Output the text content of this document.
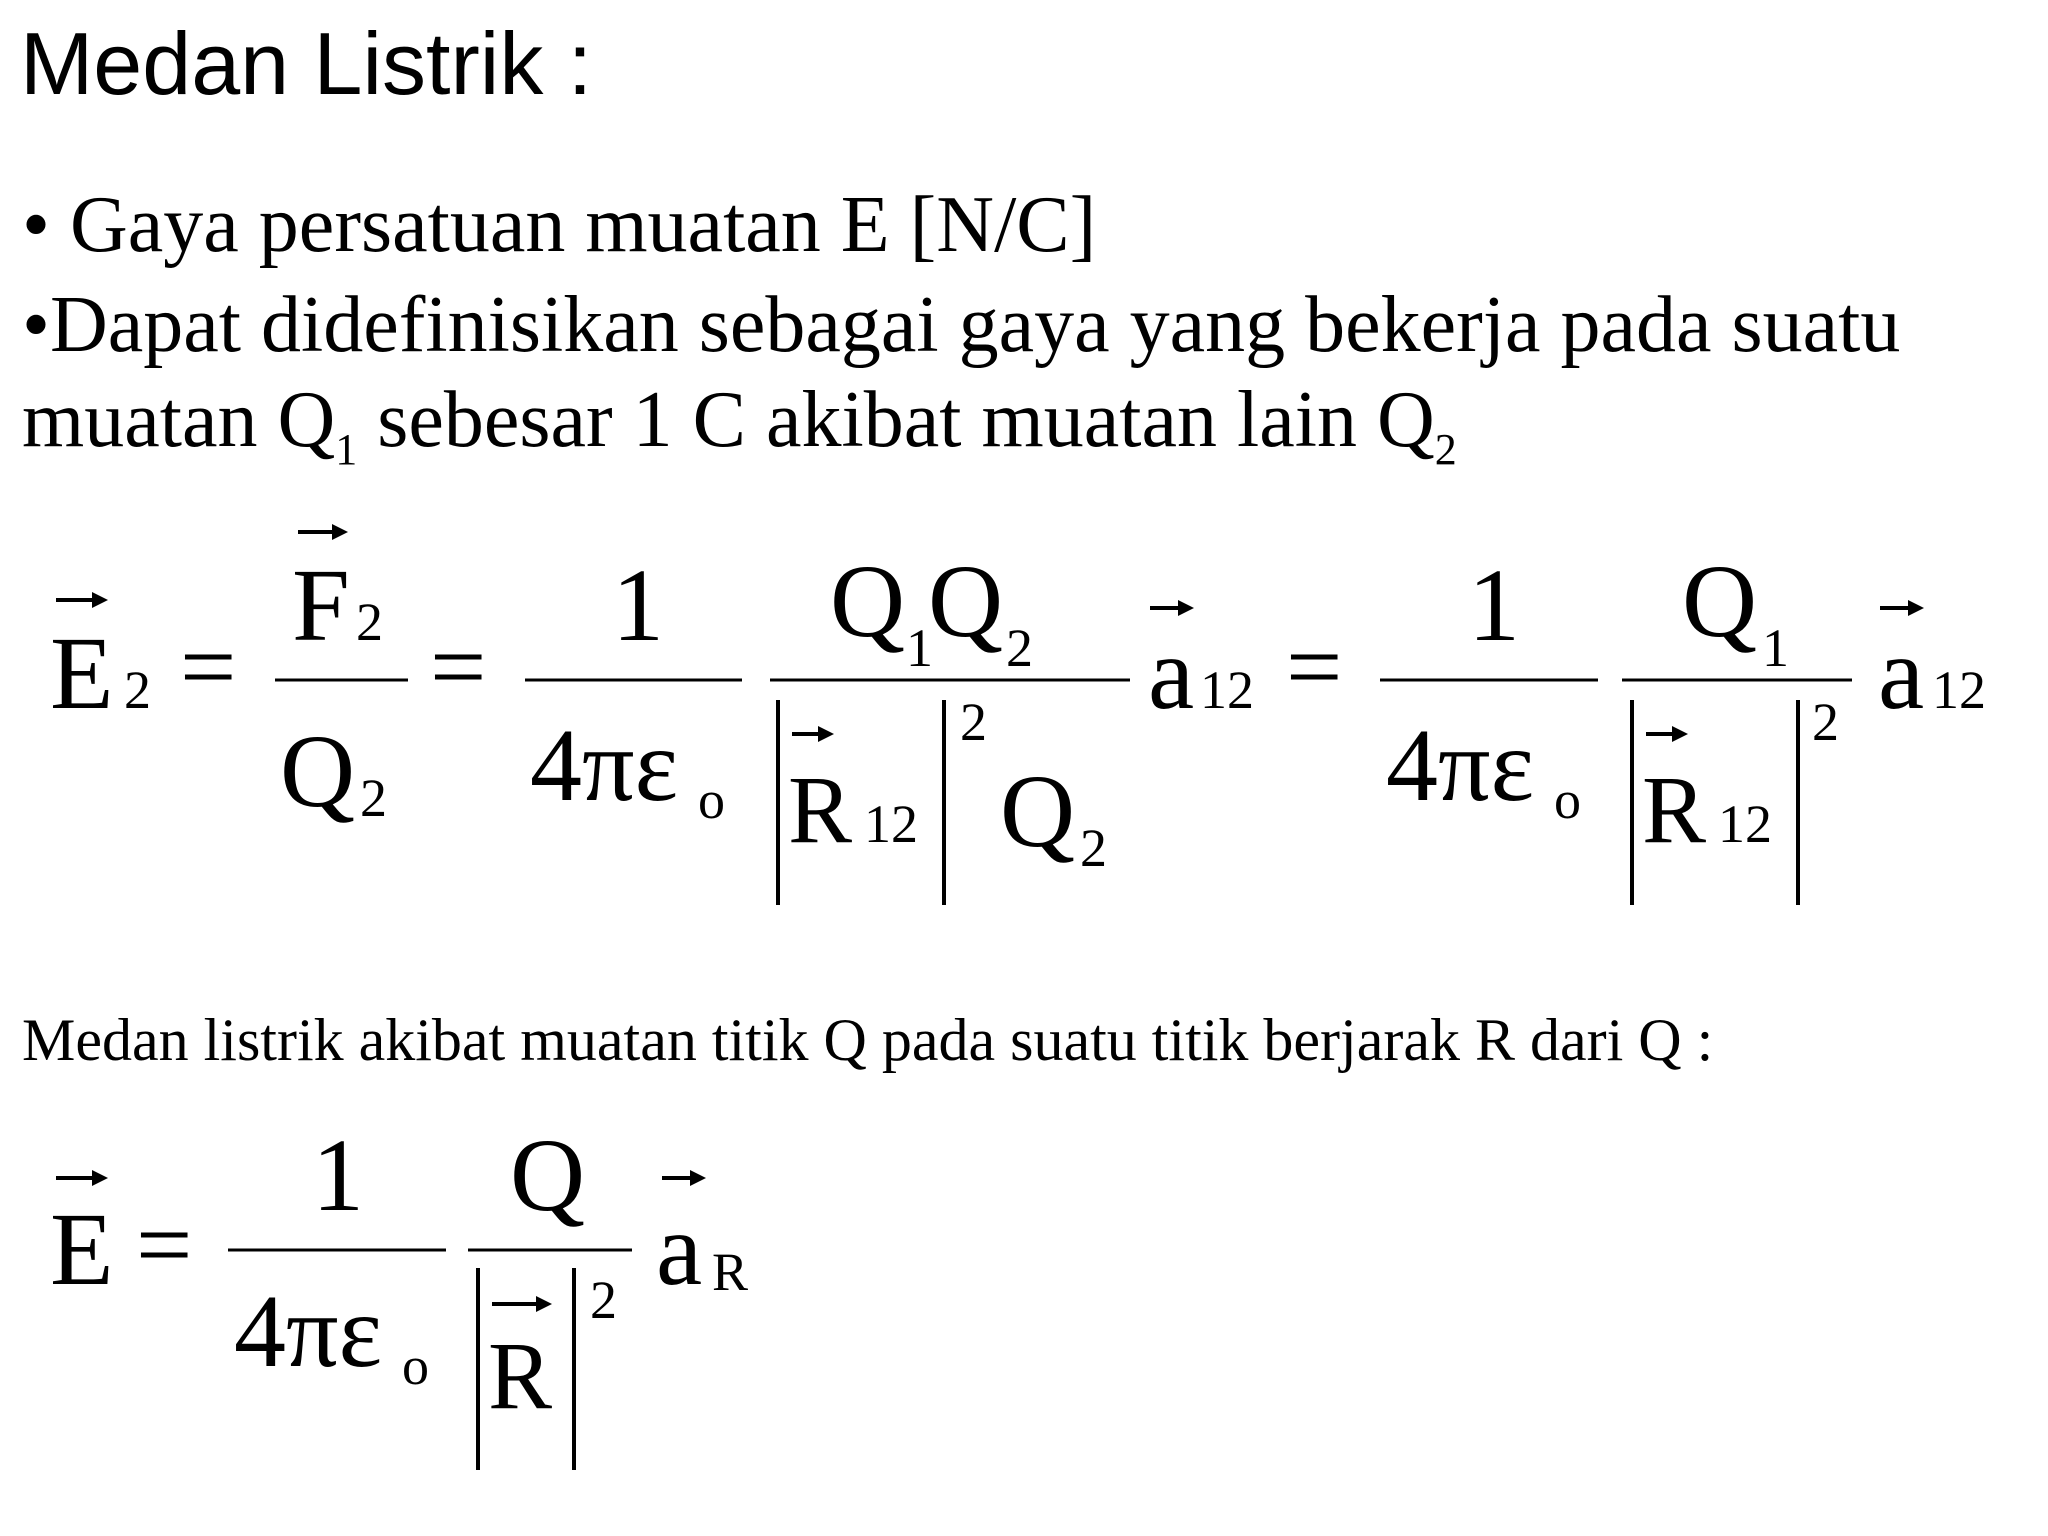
Medan Listrik :
• Gaya persatuan muatan E [N/C]
•Dapat didefinisikan sebagai gaya yang bekerja pada suatu
muatan $Q_1$ sebesar 1 C akibat muatan lain $Q_2$
E 2 =
F 2
Q 2
=
1
4πε o
Q 1
Q 2
R 12
2
Q 2
a 12 =
1
4πε o
Q 1
R 12
2 a 12
Medan listrik akibat muatan titik Q pada suatu titik berjarak R dari Q :
E =
1
4πε o
Q
R
2 a R
